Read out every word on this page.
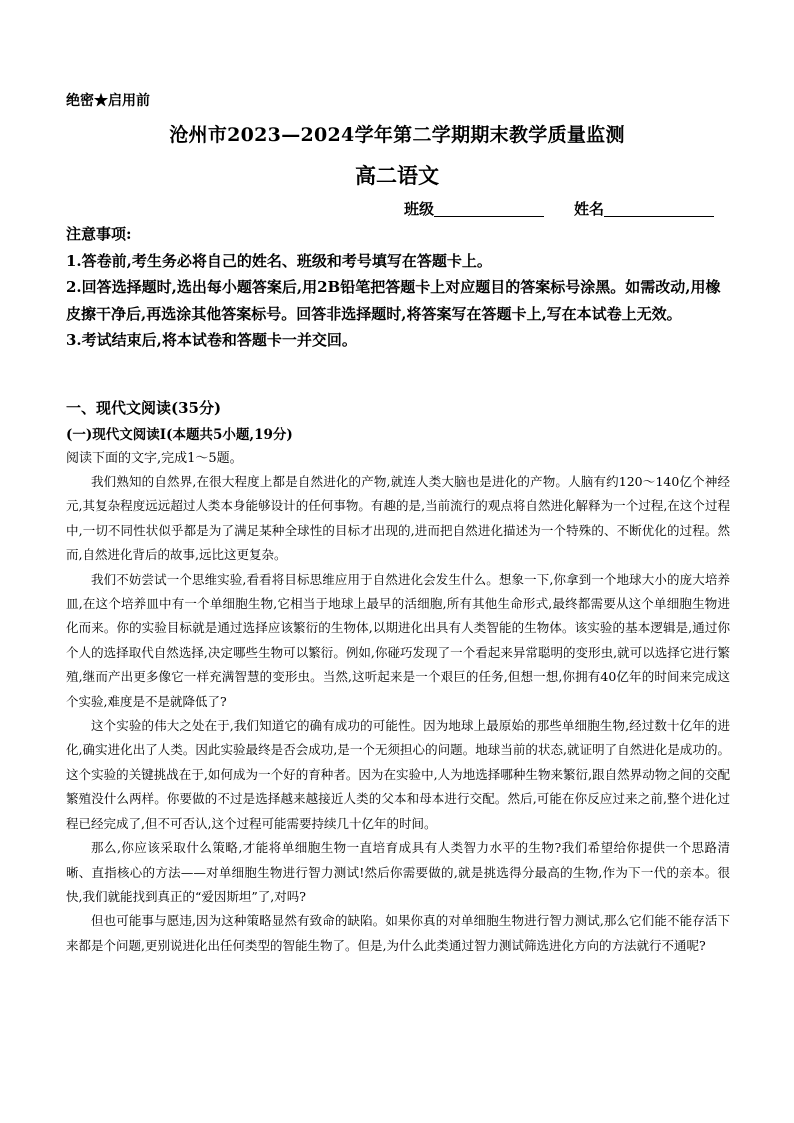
绝密★启用前
沧州市2023—2024学年第二学期期末教学质量监测
高二语文
班级	姓名

注意事项:

1.答卷前,考生务必将自己的姓名、班级和考号填写在答题卡上。

2.回答选择题时,选出每小题答案后,用2B铅笔把答题卡上对应题目的答案标号涂黑。如需改动,用橡皮擦干净后,再选涂其他答案标号。回答非选择题时,将答案写在答题卡上,写在本试卷上无效。

3.考试结束后,将本试卷和答题卡一并交回。

一、现代文阅读(35分)
(一)现代文阅读Ⅰ(本题共5小题,19分)
阅读下面的文字,完成1～5题。

我们熟知的自然界,在很大程度上都是自然进化的产物,就连人类大脑也是进化的产物。人脑有约120～140亿个神经元,其复杂程度远远超过人类本身能够设计的任何事物。有趣的是,当前流行的观点将自然进化解释为一个过程,在这个过程中,一切不同性状似乎都是为了满足某种全球性的目标才出现的,进而把自然进化描述为一个特殊的、不断优化的过程。然而,自然进化背后的故事,远比这更复杂。

我们不妨尝试一个思维实验,看看将目标思维应用于自然进化会发生什么。想象一下,你拿到一个地球大小的庞大培养皿,在这个培养皿中有一个单细胞生物,它相当于地球上最早的活细胞,所有其他生命形式,最终都需要从这个单细胞生物进化而来。你的实验目标就是通过选择应该繁衍的生物体,以期进化出具有人类智能的生物体。该实验的基本逻辑是,通过你个人的选择取代自然选择,决定哪些生物可以繁衍。例如,你碰巧发现了一个看起来异常聪明的变形虫,就可以选择它进行繁殖,继而产出更多像它一样充满智慧的变形虫。当然,这听起来是一个艰巨的任务,但想一想,你拥有40亿年的时间来完成这个实验,难度是不是就降低了?

这个实验的伟大之处在于,我们知道它的确有成功的可能性。因为地球上最原始的那些单细胞生物,经过数十亿年的进化,确实进化出了人类。因此实验最终是否会成功,是一个无须担心的问题。地球当前的状态,就证明了自然进化是成功的。这个实验的关键挑战在于,如何成为一个好的育种者。因为在实验中,人为地选择哪种生物来繁衍,跟自然界动物之间的交配繁殖没什么两样。你要做的不过是选择越来越接近人类的父本和母本进行交配。然后,可能在你反应过来之前,整个进化过程已经完成了,但不可否认,这个过程可能需要持续几十亿年的时间。

那么,你应该采取什么策略,才能将单细胞生物一直培育成具有人类智力水平的生物?我们希望给你提供一个思路清晰、直指核心的方法——对单细胞生物进行智力测试!然后你需要做的,就是挑选得分最高的生物,作为下一代的亲本。很快,我们就能找到真正的“爱因斯坦”了,对吗?

但也可能事与愿违,因为这种策略显然有致命的缺陷。如果你真的对单细胞生物进行智力测试,那么它们能不能存活下来都是个问题,更别说进化出任何类型的智能生物了。但是,为什么此类通过智力测试筛选进化方向的方法就行不通呢?
